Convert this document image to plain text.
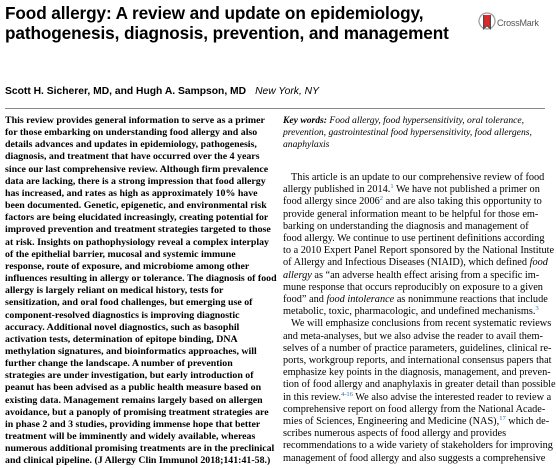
Food allergy: A review and update on epidemiology, pathogenesis, diagnosis, prevention, and management	CrossMark
Scott H. Sicherer, MD, and Hugh A. Sampson, MD New York, NY
This review provides general information to serve as a primer
for those embarking on understanding food allergy and also
details advances and updates in epidemiology, pathogenesis,
diagnosis, and treatment that have occurred over the 4 years
since our last comprehensive review. Although firm prevalence
data are lacking, there is a strong impression that food allergy
has increased, and rates as high as approximately 10% have
been documented. Genetic, epigenetic, and environmental risk
factors are being elucidated increasingly, creating potential for
improved prevention and treatment strategies targeted to those
at risk. Insights on pathophysiology reveal a complex interplay
of the epithelial barrier, mucosal and systemic immune
response, route of exposure, and microbiome among other
influences resulting in allergy or tolerance. The diagnosis of food
allergy is largely reliant on medical history, tests for
sensitization, and oral food challenges, but emerging use of
component-resolved diagnostics is improving diagnostic
accuracy. Additional novel diagnostics, such as basophil
activation tests, determination of epitope binding, DNA
methylation signatures, and bioinformatics approaches, will
further change the landscape. A number of prevention
strategies are under investigation, but early introduction of
peanut has been advised as a public health measure based on
existing data. Management remains largely based on allergen
avoidance, but a panoply of promising treatment strategies are
in phase 2 and 3 studies, providing immense hope that better
treatment will be imminently and widely available, whereas
numerous additional promising treatments are in the preclinical
and clinical pipeline. (J Allergy Clin Immunol 2018;141:41-58.)
Key words: Food allergy, food hypersensitivity, oral tolerance,
prevention, gastrointestinal food hypersensitivity, food allergens,
anaphylaxis
This article is an update to our comprehensive review of food
allergy published in 2014.$^1$ We have not published a primer on
food allergy since 2006$^2$ and are also taking this opportunity to
provide general information meant to be helpful for those em-
barking on understanding the diagnosis and management of
food allergy. We continue to use pertinent definitions according
to a 2010 Expert Panel Report sponsored by the National Institute
of Allergy and Infectious Diseases (NIAID), which defined food
allergy as “an adverse health effect arising from a specific im-
mune response that occurs reproducibly on exposure to a given
food” and food intolerance as nonimmune reactions that include
metabolic, toxic, pharmacologic, and undefined mechanisms.$^3$
We will emphasize conclusions from recent systematic reviews
and meta-analyses, but we also advise the reader to avail them-
selves of a number of practice parameters, guidelines, clinical re-
ports, workgroup reports, and international consensus papers that
emphasize key points in the diagnosis, management, and preven-
tion of food allergy and anaphylaxis in greater detail than possible
in this review.$^{4-16}$ We also advise the interested reader to review a
comprehensive report on food allergy from the National Acade-
mies of Sciences, Engineering and Medicine (NAS),$^{17}$ which de-
scribes numerous aspects of food allergy and provides
recommendations to a wide variety of stakeholders for improving
management of food allergy and also suggests a comprehensive
